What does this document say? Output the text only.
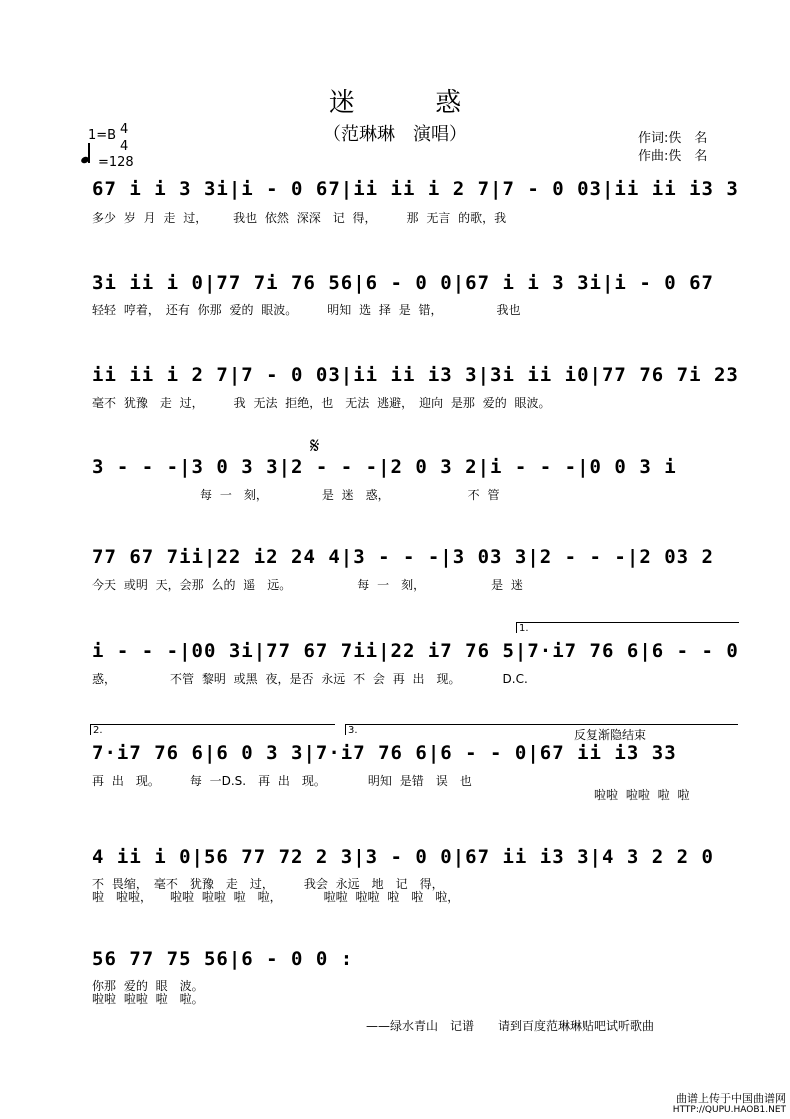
迷 惑
（范琳琳　演唱）
1=B 4
4
=128
作词:佚　名
作曲:佚　名
67 i i 3 3i|i - 0 67|ii ii i 2 7|7 - 0 03|ii ii i3 3
多少 岁 月 走 过，　　 我也 依然 深深　记 得，　　　那 无言 的歌，我
3i ii i 0|77 7i 76 56|6 - 0 0|67 i i 3 3i|i - 0 67
轻轻 哼着，　还有 你那 爱的 眼波。　　　明知 选 择 是 错，　　　　　我也
ii ii i 2 7|7 - 0 03|ii ii i3 3|3i ii i0|77 76 7i 23
毫不 犹豫　走 过，　　　我 无法 拒绝，也　无法 逃避，　迎向 是那 爱的 眼波。
𝄋
3 - - -|3 0 3 3|2 - - -|2 0 3 2|i - - -|0 0 3 i
　　　　　　　　　每 一　刻，　　　　　是 迷　惑，　　　　　　　不 管
77 67 7ii|22 i2 24 4|3 - - -|3 03 3|2 - - -|2 03 2
今天 或明 天，会那 么的 遥　远。　　　　　　每 一　刻，　　　　　　是 迷
1.
i - - -|00 3i|77 67 7ii|22 i7 76 5|7·i7 76 6|6 - - 0
惑，　　　　　不管 黎明 或黑 夜，是否 永远 不 会 再 出　现。　　　　D.C.
2.	3.	反复渐隐结束
7·i7 76 6|6 0 3 3|7·i7 76 6|6 - - 0|67 ii i3 33
再 出　现。　　　每 一D.S.　再 出　现。　　　　明知 是错　误　也
啦啦 啦啦 啦 啦
4 ii i 0|56 77 72 2 3|3 - 0 0|67 ii i3 3|4 3 2 2 0
不 畏缩，　毫不　犹豫　走　过，　　　我会 永远　地　记　得，
啦　啦啦，　　啦啦 啦啦 啦　啦，　　　　啦啦 啦啦 啦　啦　啦，
56 77 75 56|6 - 0 0 :
你那 爱的 眼　波。
啦啦 啦啦 啦　啦。
——绿水青山　记谱　　请到百度范琳琳贴吧试听歌曲
曲谱上传于中国曲谱网
HTTP://QUPU.HAOB1.NET
